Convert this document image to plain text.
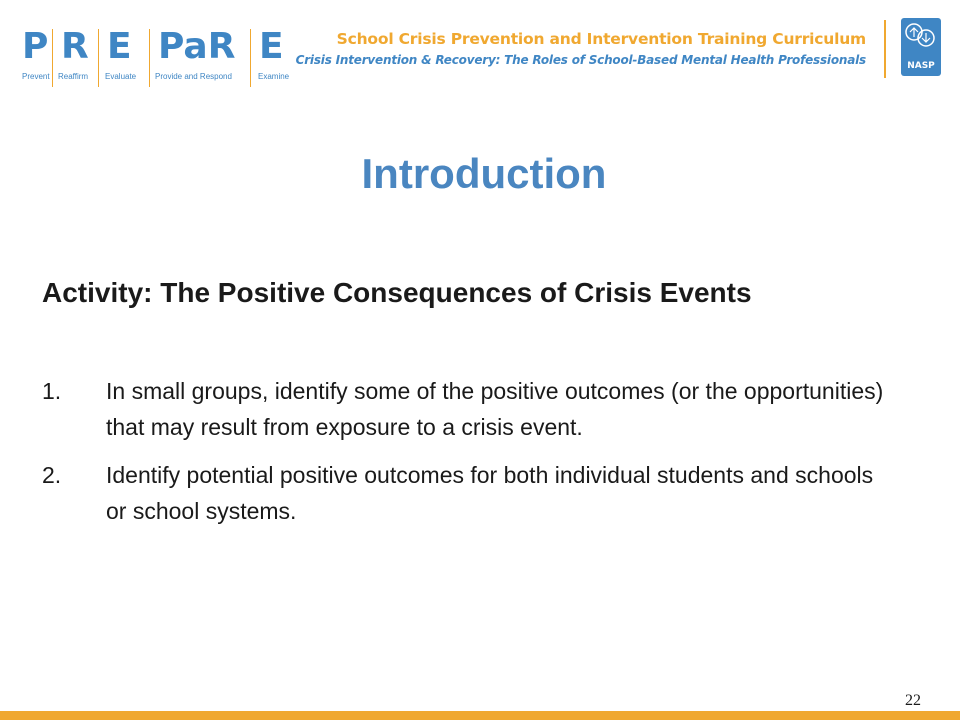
P R E PaR E
Prevent Reaffirm Evaluate Provide and Respond	Examine
School Crisis Prevention and Intervention Training Curriculum
Crisis Intervention & Recovery: The Roles of School-Based Mental Health Professionals	NASP
Introduction
Activity: The Positive Consequences of Crisis Events
1. In small groups, identify some of the positive outcomes (or the opportunities) that may result from exposure to a crisis event.
2. Identify potential positive outcomes for both individual students and schools or school systems.
22
